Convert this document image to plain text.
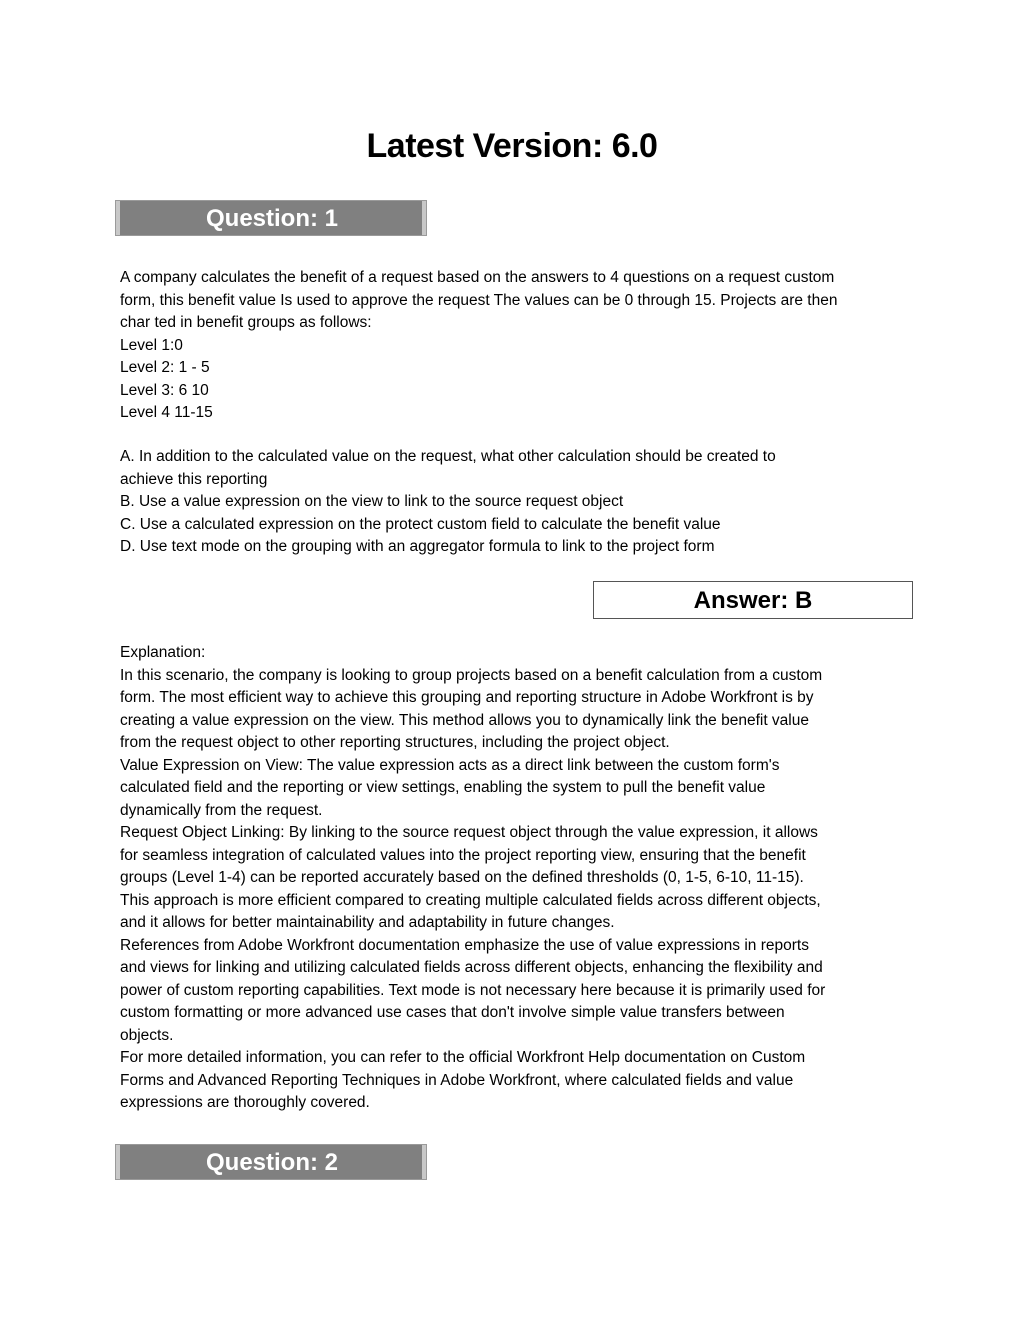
Latest Version: 6.0
Question: 1
A company calculates the benefit of a request based on the answers to 4 questions on a request custom
form, this benefit value Is used to approve the request The values can be 0 through 15. Projects are then
char ted in benefit groups as follows:
Level 1:0
Level 2: 1 - 5
Level 3: 6 10
Level 4 11-15
A. In addition to the calculated value on the request, what other calculation should be created to
achieve this reporting
B. Use a value expression on the view to link to the source request object
C. Use a calculated expression on the protect custom field to calculate the benefit value
D. Use text mode on the grouping with an aggregator formula to link to the project form
Answer: B
Explanation:
In this scenario, the company is looking to group projects based on a benefit calculation from a custom
form. The most efficient way to achieve this grouping and reporting structure in Adobe Workfront is by
creating a value expression on the view. This method allows you to dynamically link the benefit value
from the request object to other reporting structures, including the project object.
Value Expression on View: The value expression acts as a direct link between the custom form's
calculated field and the reporting or view settings, enabling the system to pull the benefit value
dynamically from the request.
Request Object Linking: By linking to the source request object through the value expression, it allows
for seamless integration of calculated values into the project reporting view, ensuring that the benefit
groups (Level 1-4) can be reported accurately based on the defined thresholds (0, 1-5, 6-10, 11-15).
This approach is more efficient compared to creating multiple calculated fields across different objects,
and it allows for better maintainability and adaptability in future changes.
References from Adobe Workfront documentation emphasize the use of value expressions in reports
and views for linking and utilizing calculated fields across different objects, enhancing the flexibility and
power of custom reporting capabilities. Text mode is not necessary here because it is primarily used for
custom formatting or more advanced use cases that don't involve simple value transfers between
objects.
For more detailed information, you can refer to the official Workfront Help documentation on Custom
Forms and Advanced Reporting Techniques in Adobe Workfront, where calculated fields and value
expressions are thoroughly covered.
Question: 2
